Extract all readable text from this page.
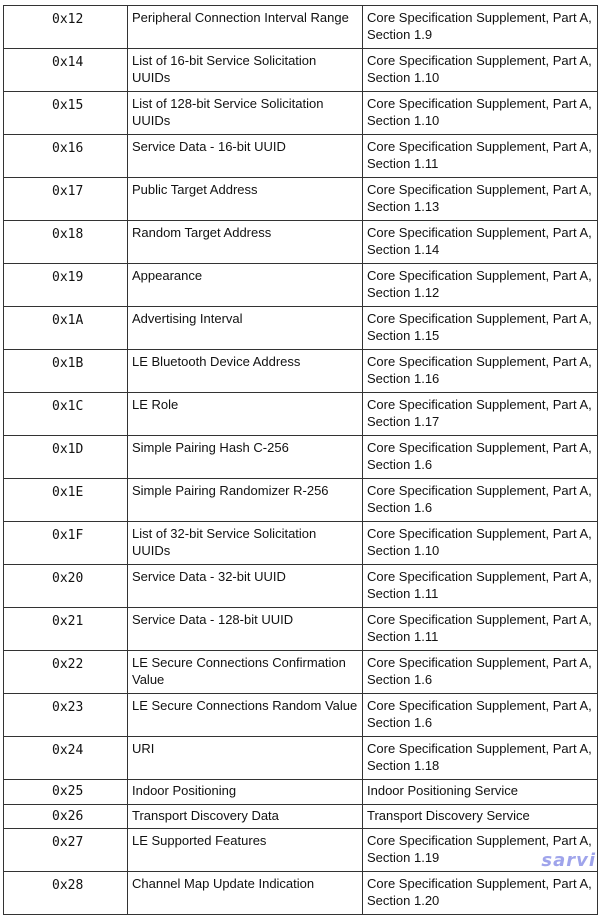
0x12	Peripheral Connection Interval Range	Core Specification Supplement, Part A, Section 1.9
0x14	List of 16-bit Service Solicitation UUIDs	Core Specification Supplement, Part A, Section 1.10
0x15	List of 128-bit Service Solicitation UUIDs	Core Specification Supplement, Part A, Section 1.10
0x16	Service Data - 16-bit UUID	Core Specification Supplement, Part A, Section 1.11
0x17	Public Target Address	Core Specification Supplement, Part A, Section 1.13
0x18	Random Target Address	Core Specification Supplement, Part A, Section 1.14
0x19	Appearance	Core Specification Supplement, Part A, Section 1.12
0x1A	Advertising Interval	Core Specification Supplement, Part A, Section 1.15
0x1B	LE Bluetooth Device Address	Core Specification Supplement, Part A, Section 1.16
0x1C	LE Role	Core Specification Supplement, Part A, Section 1.17
0x1D	Simple Pairing Hash C-256	Core Specification Supplement, Part A, Section 1.6
0x1E	Simple Pairing Randomizer R-256	Core Specification Supplement, Part A, Section 1.6
0x1F	List of 32-bit Service Solicitation UUIDs	Core Specification Supplement, Part A, Section 1.10
0x20	Service Data - 32-bit UUID	Core Specification Supplement, Part A, Section 1.11
0x21	Service Data - 128-bit UUID	Core Specification Supplement, Part A, Section 1.11
0x22	LE Secure Connections Confirmation Value	Core Specification Supplement, Part A, Section 1.6
0x23	LE Secure Connections Random Value	Core Specification Supplement, Part A, Section 1.6
0x24	URI	Core Specification Supplement, Part A, Section 1.18
0x25	Indoor Positioning	Indoor Positioning Service
0x26	Transport Discovery Data	Transport Discovery Service
0x27	LE Supported Features	Core Specification Supplement, Part A, Section 1.19
0x28	Channel Map Update Indication	Core Specification Supplement, Part A, Section 1.20
sarvi
